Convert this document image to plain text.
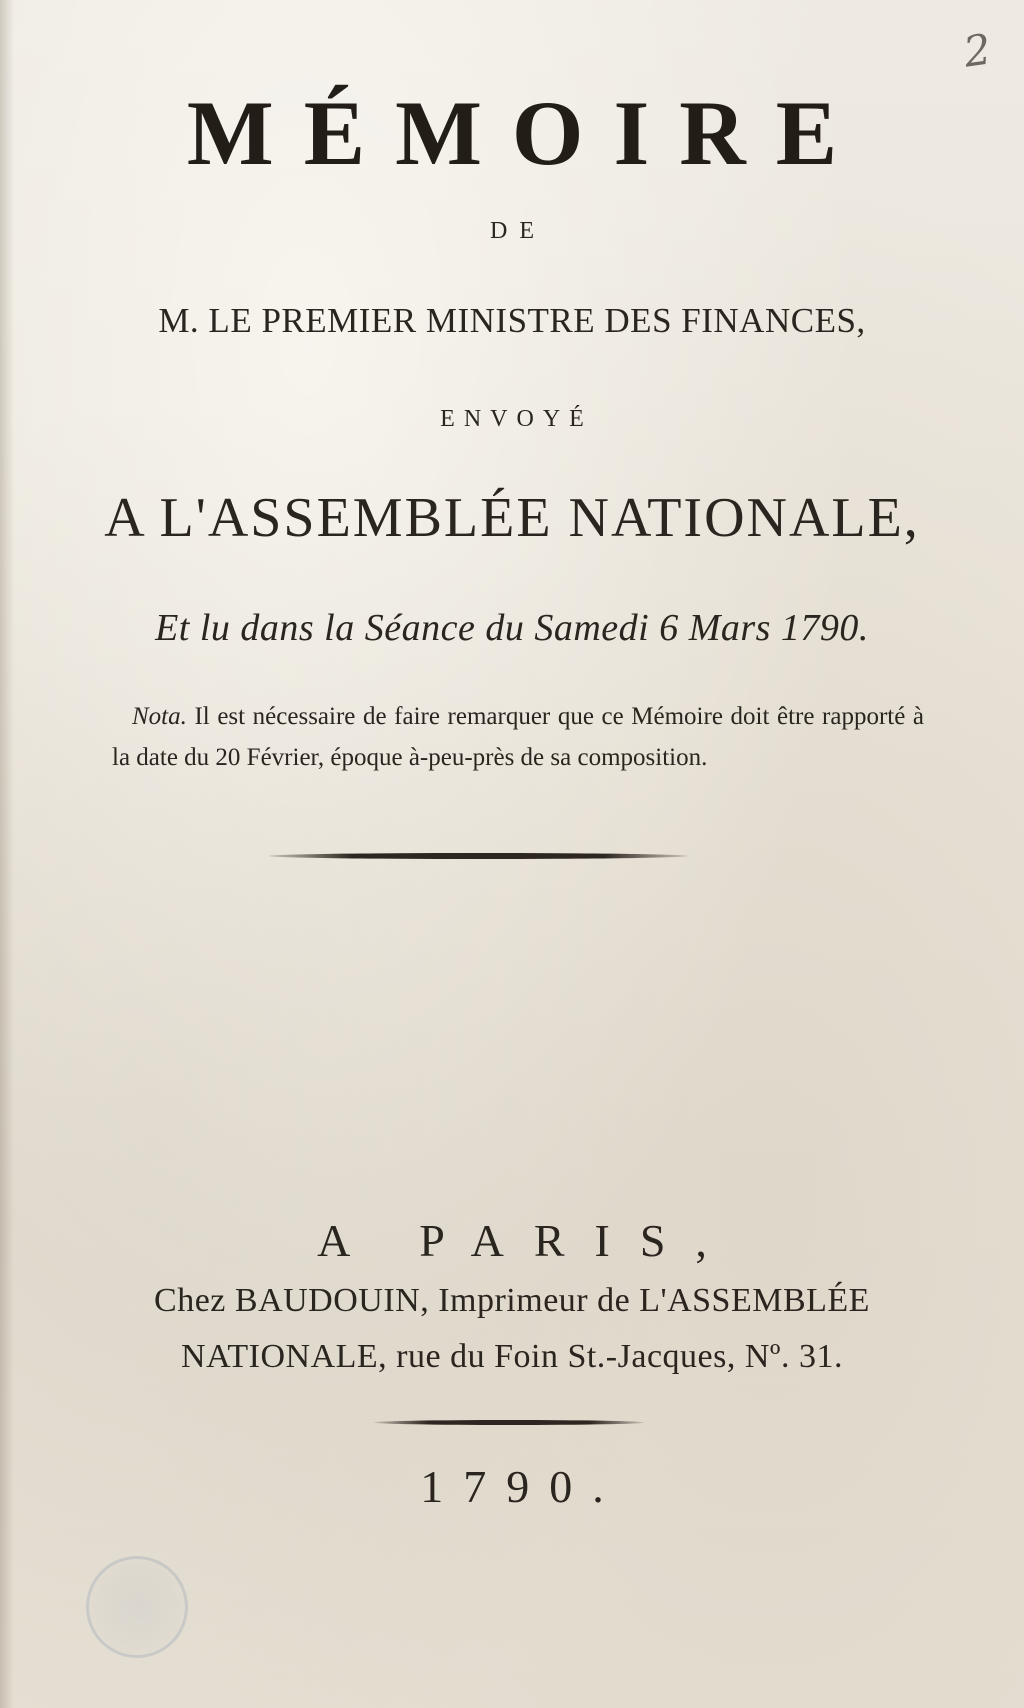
2
MÉMOIRE
DE
M. LE PREMIER MINISTRE DES FINANCES,
ENVOYÉ
A L'ASSEMBLÉE NATIONALE,
Et lu dans la Séance du Samedi 6 Mars 1790.
Nota. Il est nécessaire de faire remarquer que ce Mémoire doit être rapporté à la date du 20 Février, époque à-peu-près de sa composition.
A PARIS,
Chez BAUDOUIN, Imprimeur de L'ASSEMBLÉE
NATIONALE, rue du Foin St.-Jacques, Nº. 31.
1790.
